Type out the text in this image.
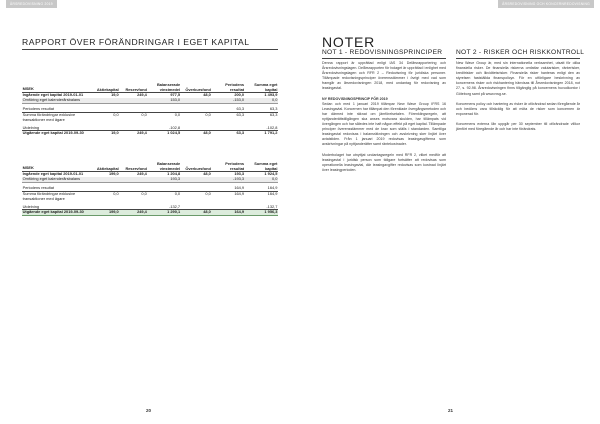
ÅRSREDOVISNING 2019
RAPPORT ÖVER FÖRÄNDRINGAR I EGET KAPITAL
MSEK	Aktiekapital	Reservfond	Balanserade vinstmedel	Överkursfond	Periodens resultat	Summa eget kapital
Ingående eget kapital 2019-01-01	19,0	249,4	977,5	48,0	200,0	1 493,9
Omföring eget kalenderårsbalans			153,0		-153,0	0,0

Periodens resultat					63,3	63,3
Summa förändringar exklusive transaktioner med ägare	0,0	0,0	0,0	0,0	63,3	63,3

Utdelning			-102,8			-102,8
Utgående eget kapital 2019-09-30	19,0	249,4	1 024,5	48,0	63,3	1 791,2
MSEK	Aktiekapital	Reservfond	Balanserade vinstmedel	Överkursfond	Periodens resultat	Summa eget kapital
Ingående eget kapital 2019-01-01	199,0	249,4	1 204,8	48,0	193,3	1 924,5
Omföring eget kalenderårsbalans			193,3		-193,3	0,0

Periodens resultat					164,9	164,9
Summa förändringar exklusive transaktioner med ägare	0,0	0,0	0,0	0,0	164,9	164,9

Utdelning			-132,7			-132,7
Utgående eget kapital 2019-09-30	199,0	249,4	1 290,1	48,0	164,9	1 956,3
20
ÅRSREDOVISNING OCH KONCERNREDOVISNING
NOTER
NOT 1 - REDOVISNINGSPRINCIPER

Denna rapport är upprättad enligt IAS 34 Delårsrapportering och Årsredovisningslagen. Delårsrapporten för bolaget är upprättad i enlighet med Årsredovisningslagen och RFR 2 – Redovisning för juridiska personer. Tillämpade redovisningsprinciper överensstämmer i övrigt med vad som framgår av årsredovisningen 2018, med undantag för redovisning av leasingavtal.

NY REDOVISNINGSPRINCIP FÖR 2019

Sedan och med 1 januari 2019 tillämpar New Wave Group IFRS 16 Leasingavtal. Koncernen har tillämpat den förenklade övergångsmetoden och har därmed inte räknat om jämförelsetalen. Förenklingsregeln, att nyttjanderättstillgången ska anses motsvara skulden, har tillämpats vid övergången och har således inte haft någon effekt på eget kapital. Tillämpade principer överensstämmer med de krav som ställs i standarden. Samtliga leasingavtal redovisas i balansräkningen och avskrivning sker linjärt över avtalstiden. Från 1 januari 2019 redovisas leasingavgifterna som avskrivningar på nyttjanderätter samt räntekostnader.

Moderbolaget har utnyttjat undantagsregeln med RFR 2, vilket medför att leasingavtal i juridisk person som tidigare fortsätter att redovisas som operationella leasingavtal, där leasingavgifter redovisas som kostnad linjärt över leasingperioden.

NOT 2 - RISKER OCH RISKKONTROLL

New Wave Group är, med sin internationella verksamhet, utsatt för olika finansiella risker. De finansiella riskerna omfattar valutarisker, ränterisker, kreditrisker och likviditetsrisker. Finansiella risker hanteras enligt den av styrelsen fastställda finanspolicyn. För en utförligare beskrivning av koncernens risker och riskhantering hänvisas till Årsredovisningen 2018, not 27, s. 92-98. Årsredovisningen finns tillgänglig på koncernens huvudkontor i Göteborg samt på www.nwg.se.

Koncernens policy och hantering av risker är oförändrad sedan föregående år och bedöms vara tillräcklig för att möta de risker som koncernen är exponerad för.

Koncernens externa lån uppgår per 30 september till oförändrade villkor jämfört med föregående år och har inte förändrats.

21
